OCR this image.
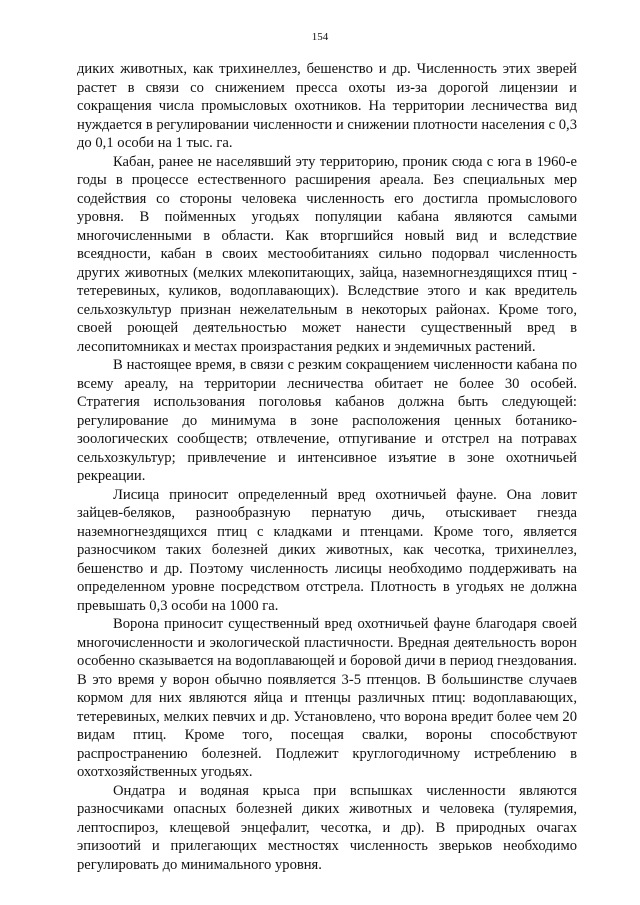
154

диких животных, как трихинеллез, бешенство и др. Численность этих зверей растет в связи со снижением пресса охоты из-за дорогой лицензии и сокращения числа промысловых охотников. На территории лесничества вид нуждается в регулировании численности и снижении плотности населения с 0,3 до 0,1 особи на 1 тыс. га.

Кабан, ранее не населявший эту территорию, проник сюда с юга в 1960-е годы в процессе естественного расширения ареала. Без специальных мер содействия со стороны человека численность его достигла промыслового уровня. В пойменных угодьях популяции кабана являются самыми многочисленными в области. Как вторгшийся новый вид и вследствие всеядности, кабан в своих местообитаниях сильно подорвал численность других животных (мелких млекопитающих, зайца, наземногнездящихся птиц - тетеревиных, куликов, водоплавающих). Вследствие этого и как вредитель сельхозкультур признан нежелательным в некоторых районах. Кроме того, своей роющей деятельностью может нанести существенный вред в лесопитомниках и местах произрастания редких и эндемичных растений.

В настоящее время, в связи с резким сокращением численности кабана по всему ареалу, на территории лесничества обитает не более 30 особей. Стратегия использования поголовья кабанов должна быть следующей: регулирование до минимума в зоне расположения ценных ботанико-зоологических сообществ; отвлечение, отпугивание и отстрел на потравах сельхозкультур; привлечение и интенсивное изъятие в зоне охотничьей рекреации.

Лисица приносит определенный вред охотничьей фауне. Она ловит зайцев-беляков, разнообразную пернатую дичь, отыскивает гнезда наземногнездящихся птиц с кладками и птенцами. Кроме того, является разносчиком таких болезней диких животных, как чесотка, трихинеллез, бешенство и др. Поэтому численность лисицы необходимо поддерживать на определенном уровне посредством отстрела. Плотность в угодьях не должна превышать 0,3 особи на 1000 га.

Ворона приносит существенный вред охотничьей фауне благодаря своей многочисленности и экологической пластичности. Вредная деятельность ворон особенно сказывается на водоплавающей и боровой дичи в период гнездования. В это время у ворон обычно появляется 3-5 птенцов. В большинстве случаев кормом для них являются яйца и птенцы различных птиц: водоплавающих, тетеревиных, мелких певчих и др. Установлено, что ворона вредит более чем 20 видам птиц. Кроме того, посещая свалки, вороны способствуют распространению болезней. Подлежит круглогодичному истреблению в охотхозяйственных угодьях.

Ондатра и водяная крыса при вспышках численности являются разносчиками опасных болезней диких животных и человека (туляремия, лептоспироз, клещевой энцефалит, чесотка, и др). В природных очагах эпизоотий и прилегающих местностях численность зверьков необходимо регулировать до минимального уровня.
